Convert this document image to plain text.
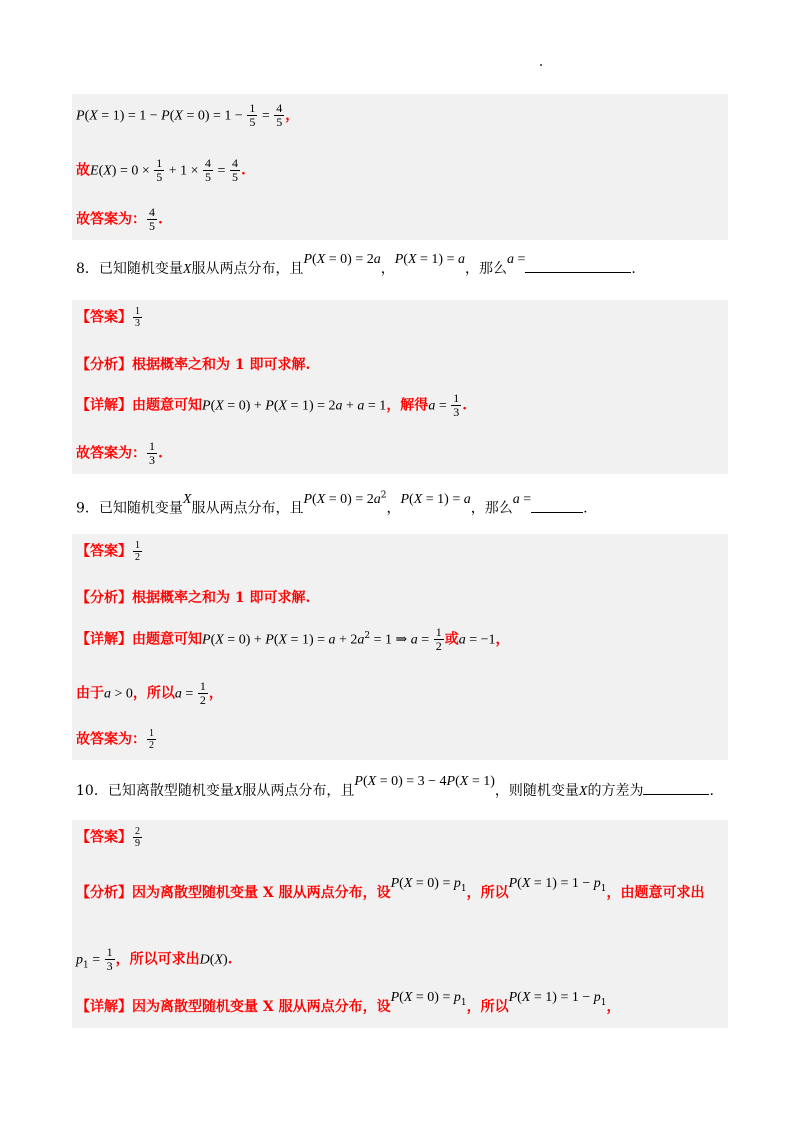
$P(X = 1) = 1 - P(X = 0) = 1 - \frac{1}{5} = \frac{4}{5}$ ，
故$E(X) = 0 \times \frac{1}{5} + 1 \times \frac{4}{5} = \frac{4}{5}$ .
故答案为： $\frac{4}{5}$ .
8．已知随机变量X服从两点分布，且P(X = 0) = 2a，P(X = 1) = a，那么a =.
【答案】 $\frac{1}{3}$
【分析】根据概率之和为 1 即可求解.
【详解】由题意可知P(X = 0) + P(X = 1) = 2a + a = 1，解得$a = \frac{1}{3}$ .
故答案为： $\frac{1}{3}$ .
9．已知随机变量X服从两点分布，且$P(X = 0) = 2a^2$，P(X = 1) = a，那么a =.
【答案】 $\frac{1}{2}$
【分析】根据概率之和为 1 即可求解.
【详解】由题意可知$P(X = 0) + P(X = 1) = a + 2a^2 = 1$ ⇒ $a = \frac{1}{2}$ 或a = −1，
由于a > 0，所以$a = \frac{1}{2}$ ，
故答案为： $\frac{1}{2}$
10．已知离散型随机变量X服从两点分布，且P(X = 0) = 3 − 4P(X = 1)，则随机变量X的方差为	.
【答案】 $\frac{2}{9}$
【分析】因为离散型随机变量 X 服从两点分布，设$P(X = 0) = p_1$，所以$P(X = 1) = 1 - p_1$，由题意可求出
$p_1 = \frac{1}{3}$ ，所以可求出D(X).
【详解】因为离散型随机变量 X 服从两点分布，设$P(X = 0) = p_1$，所以$P(X = 1) = 1 - p_1$，
